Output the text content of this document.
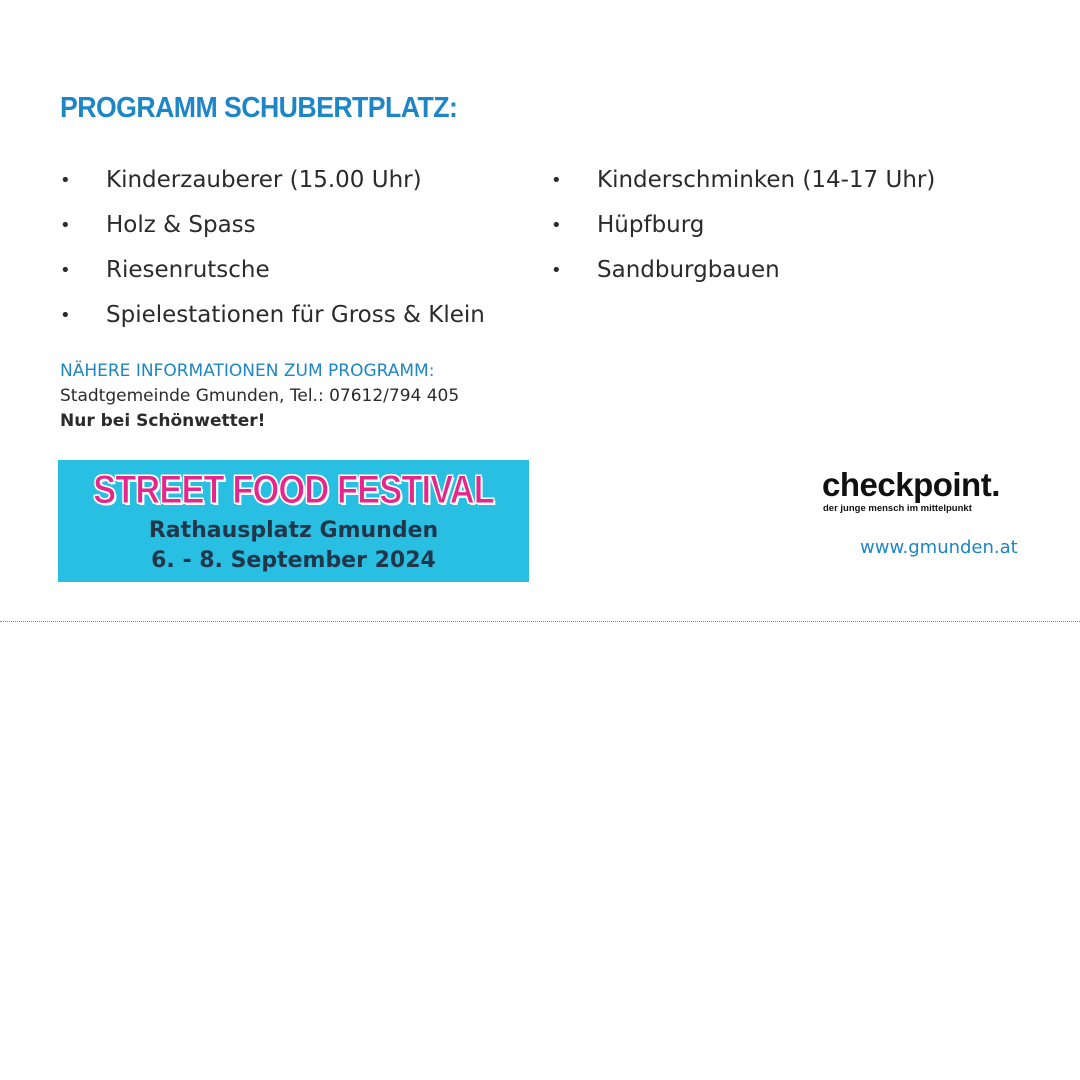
PROGRAMM SCHUBERTPLATZ:
• Kinderzauberer (15.00 Uhr)
• Holz & Spass
• Riesenrutsche
• Spielestationen für Gross & Klein
• Kinderschminken (14-17 Uhr)
• Hüpfburg
• Sandburgbauen
NÄHERE INFORMATIONEN ZUM PROGRAMM:
Stadtgemeinde Gmunden, Tel.: 07612/794 405
Nur bei Schönwetter!
STREET FOOD FESTIVAL
Rathausplatz Gmunden
6. - 8. September 2024
checkpoint.
der junge mensch im mittelpunkt
www.gmunden.at
